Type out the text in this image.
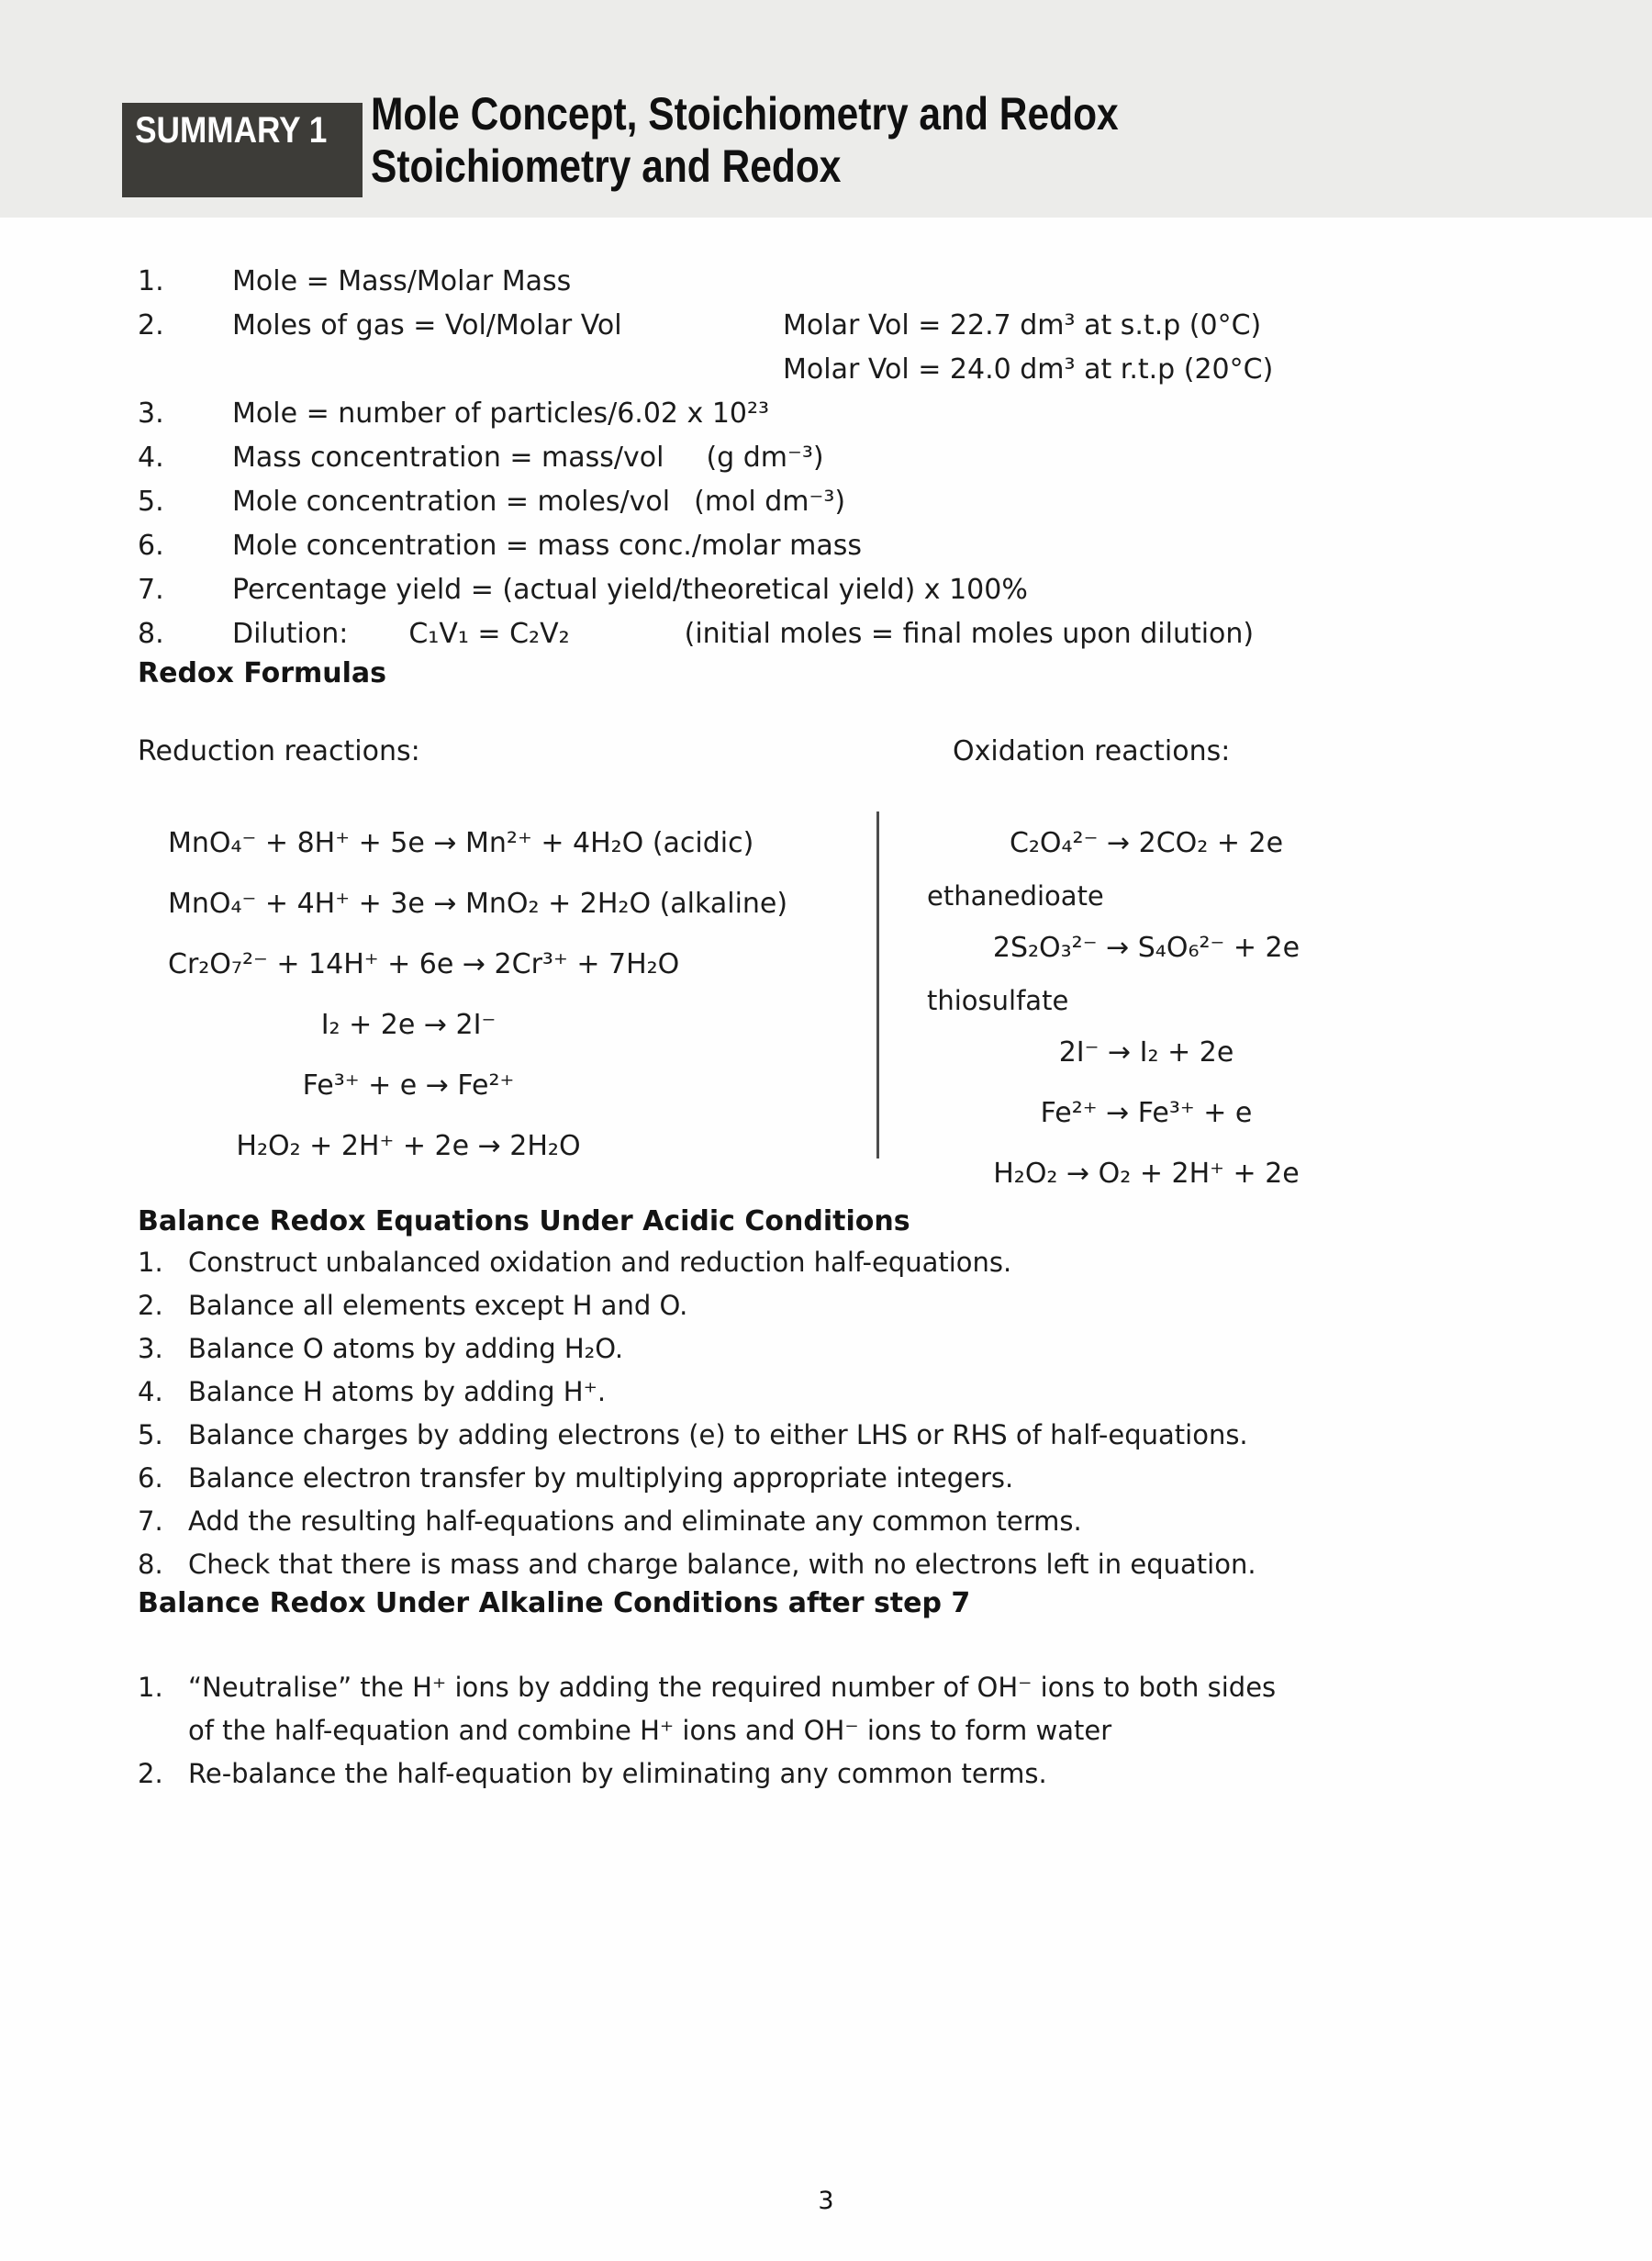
SUMMARY 1 Mole Concept, Stoichiometry and Redox
Stoichiometry and Redox
1.	Mole = Mass/Molar Mass
2.	Moles of gas = Vol/Molar Vol	Molar Vol = 22.7 dm³ at s.t.p (0°C)
Molar Vol = 24.0 dm³ at r.t.p (20°C)
3.	Mole = number of particles/6.02 x 10²³
4.	Mass concentration = mass/vol (g dm⁻³)
5.	Mole concentration = moles/vol (mol dm⁻³)
6.	Mole concentration = mass conc./molar mass
7.	Percentage yield = (actual yield/theoretical yield) x 100%
8.	Dilution: C₁V₁ = C₂V₂	(initial moles = final moles upon dilution)
Redox Formulas
Reduction reactions:	Oxidation reactions:
MnO₄⁻ + 8H⁺ + 5e → Mn²⁺ + 4H₂O (acidic)
MnO₄⁻ + 4H⁺ + 3e → MnO₂ + 2H₂O (alkaline)
Cr₂O₇²⁻ + 14H⁺ + 6e → 2Cr³⁺ + 7H₂O
I₂ + 2e → 2I⁻
Fe³⁺ + e → Fe²⁺
H₂O₂ + 2H⁺ + 2e → 2H₂O
C₂O₄²⁻ → 2CO₂ + 2e
ethanedioate
2S₂O₃²⁻ → S₄O₆²⁻ + 2e
thiosulfate
2I⁻ → I₂ + 2e
Fe²⁺ → Fe³⁺ + e
H₂O₂ → O₂ + 2H⁺ + 2e
Balance Redox Equations Under Acidic Conditions
1. Construct unbalanced oxidation and reduction half-equations.
2. Balance all elements except H and O.
3. Balance O atoms by adding H₂O.
4. Balance H atoms by adding H⁺.
5. Balance charges by adding electrons (e) to either LHS or RHS of half-equations.
6. Balance electron transfer by multiplying appropriate integers.
7. Add the resulting half-equations and eliminate any common terms.
8. Check that there is mass and charge balance, with no electrons left in equation.
Balance Redox Under Alkaline Conditions after step 7
1. “Neutralise” the H⁺ ions by adding the required number of OH⁻ ions to both sides of the half-equation and combine H⁺ ions and OH⁻ ions to form water
2. Re-balance the half-equation by eliminating any common terms.
3
